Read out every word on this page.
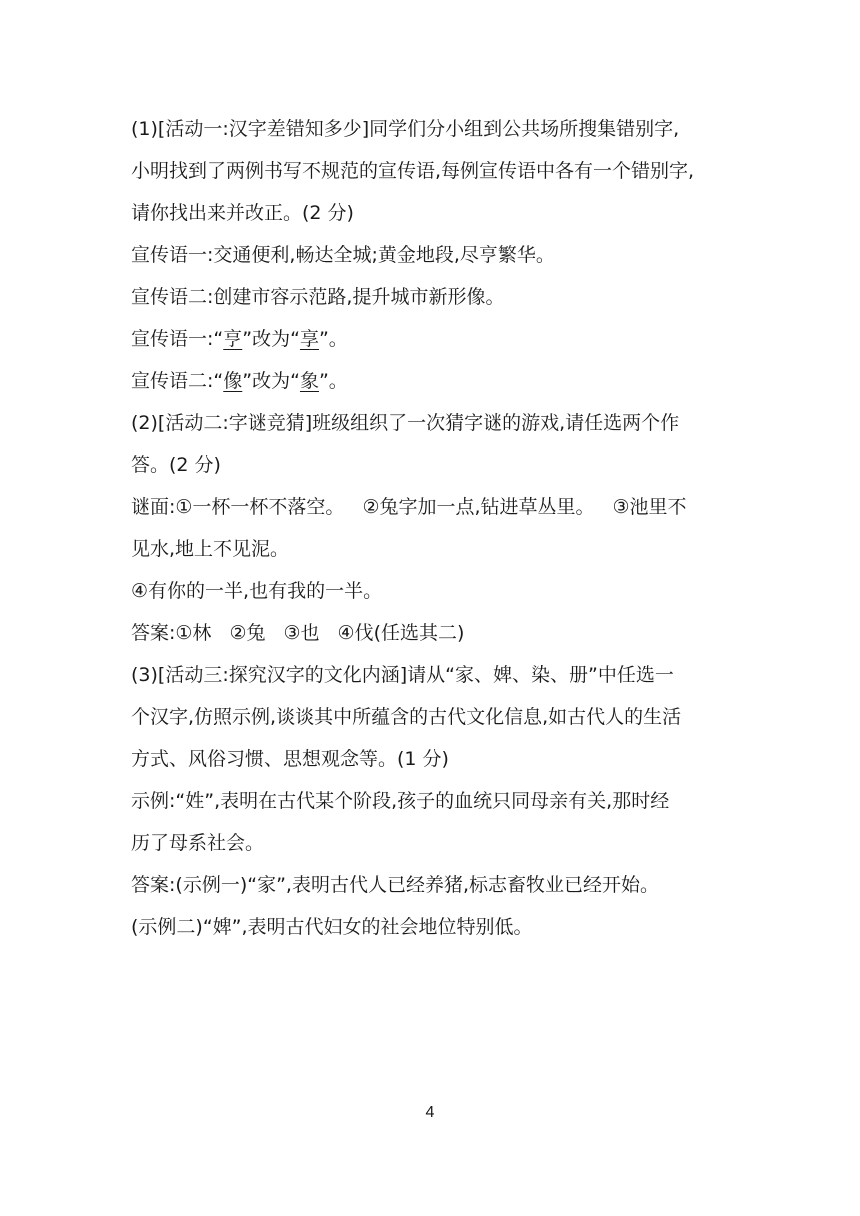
(1)[活动一:汉字差错知多少]同学们分小组到公共场所搜集错别字,
小明找到了两例书写不规范的宣传语,每例宣传语中各有一个错别字,
请你找出来并改正。(2 分)
宣传语一:交通便利,畅达全城;黄金地段,尽亨繁华。
宣传语二:创建市容示范路,提升城市新形像。
宣传语一:“亨”改为“享”。
宣传语二:“像”改为“象”。
(2)[活动二:字谜竞猜]班级组织了一次猜字谜的游戏,请任选两个作
答。(2 分)
谜面:①一杯一杯不落空。 ②兔字加一点,钻进草丛里。 ③池里不
见水,地上不见泥。
④有你的一半,也有我的一半。
答案:①林 ②兔 ③也 ④伐(任选其二)
(3)[活动三:探究汉字的文化内涵]请从“家、婢、染、册”中任选一
个汉字,仿照示例,谈谈其中所蕴含的古代文化信息,如古代人的生活
方式、风俗习惯、思想观念等。(1 分)
示例:“姓”,表明在古代某个阶段,孩子的血统只同母亲有关,那时经
历了母系社会。
答案:(示例一)“家”,表明古代人已经养猪,标志畜牧业已经开始。
(示例二)“婢”,表明古代妇女的社会地位特别低。
4
